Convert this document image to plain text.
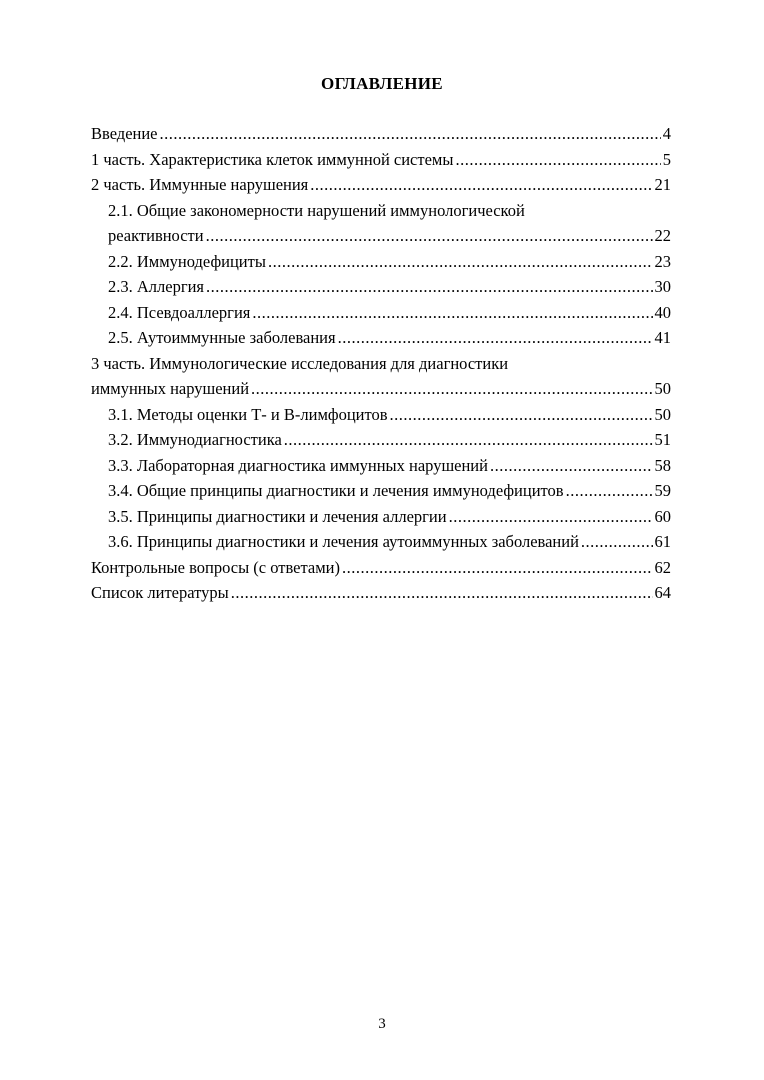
ОГЛАВЛЕНИЕ
Введение .....	4
1 часть. Характеристика клеток иммунной системы .....	5
2 часть. Иммунные нарушения .....	21
2.1. Общие закономерности нарушений иммунологической
реактивности .....	22
2.2. Иммунодефициты .....	23
2.3. Аллергия .....	30
2.4. Псевдоаллергия .....	40
2.5. Аутоиммунные заболевания .....	41
3 часть. Иммунологические исследования для диагностики
иммунных нарушений .....	50
3.1. Методы оценки Т- и В-лимфоцитов .....	50
3.2. Иммунодиагностика .....	51
3.3. Лабораторная диагностика иммунных нарушений .....	58
3.4. Общие принципы диагностики и лечения иммунодефицитов .....	59
3.5. Принципы диагностики и лечения аллергии .....	60
3.6. Принципы диагностики и лечения аутоиммунных заболеваний .....	61
Контрольные вопросы (с ответами) .....	62
Список литературы .....	64
3
